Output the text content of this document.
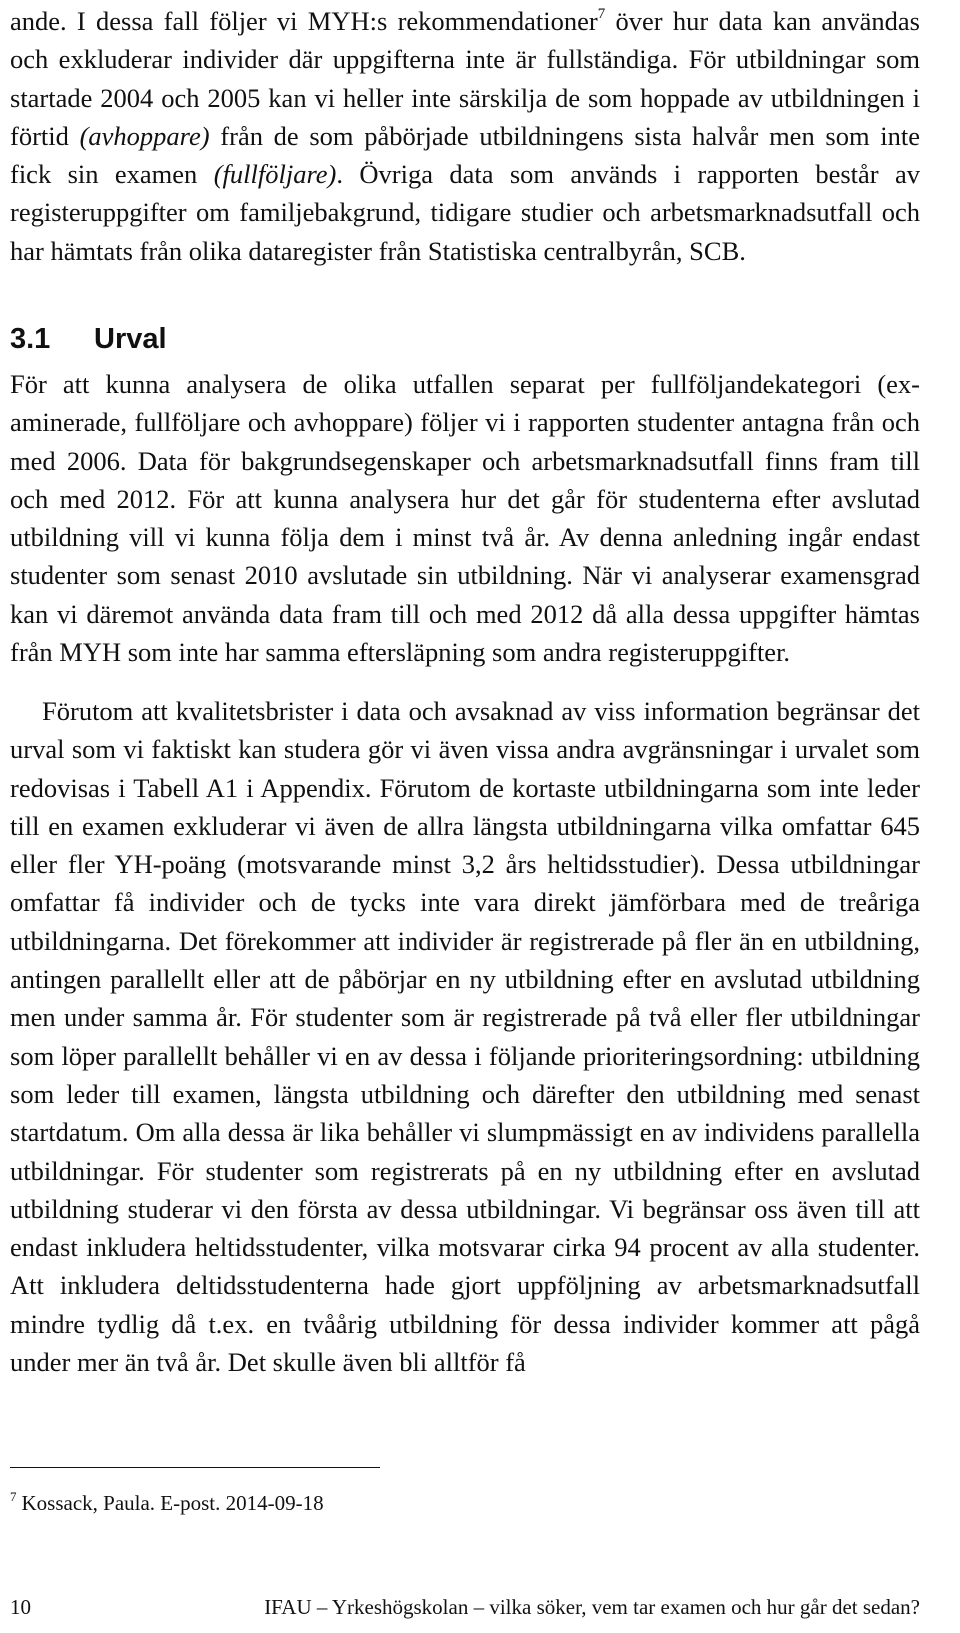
ande. I dessa fall följer vi MYH:s rekommendationer$^7$ över hur data kan användas och exkluderar individer där uppgifterna inte är fullständiga. För utbildningar som startade 2004 och 2005 kan vi heller inte särskilja de som hoppade av utbildningen i förtid (avhoppare) från de som påbörjade utbildningens sista halvår men som inte fick sin examen (fullföljare). Övriga data som används i rapporten består av registeruppgifter om familjebakgrund, tidigare studier och arbetsmarknadsutfall och har hämtats från olika dataregister från Statistiska centralbyrån, SCB.

3.1 Urval

För att kunna analysera de olika utfallen separat per fullföljandekategori (examinerade, fullföljare och avhoppare) följer vi i rapporten studenter antagna från och med 2006. Data för bakgrundsegenskaper och arbetsmarknadsutfall finns fram till och med 2012. För att kunna analysera hur det går för studenterna efter avslutad utbildning vill vi kunna följa dem i minst två år. Av denna anledning ingår endast studenter som senast 2010 avslutade sin utbildning. När vi analyserar examensgrad kan vi däremot använda data fram till och med 2012 då alla dessa uppgifter hämtas från MYH som inte har samma eftersläpning som andra registeruppgifter.

Förutom att kvalitetsbrister i data och avsaknad av viss information begränsar det urval som vi faktiskt kan studera gör vi även vissa andra avgränsningar i urvalet som redovisas i Tabell A1 i Appendix. Förutom de kortaste utbildningarna som inte leder till en examen exkluderar vi även de allra längsta utbildningarna vilka omfattar 645 eller fler YH-poäng (motsvarande minst 3,2 års heltidsstudier). Dessa utbildningar omfattar få individer och de tycks inte vara direkt jämförbara med de treåriga utbildningarna. Det förekommer att individer är registrerade på fler än en utbildning, antingen parallellt eller att de påbörjar en ny utbildning efter en avslutad utbildning men under samma år. För studenter som är registrerade på två eller fler utbildningar som löper parallellt behåller vi en av dessa i följande prioriteringsordning: utbildning som leder till examen, längsta utbildning och därefter den utbildning med senast startdatum. Om alla dessa är lika behåller vi slumpmässigt en av individens parallella utbildningar. För studenter som registrerats på en ny utbildning efter en avslutad utbildning studerar vi den första av dessa utbildningar. Vi begränsar oss även till att endast inkludera heltidsstudenter, vilka motsvarar cirka 94 procent av alla studenter. Att inkludera deltidsstudenterna hade gjort uppföljning av arbetsmarknadsutfall mindre tydlig då t.ex. en tvåårig utbildning för dessa individer kommer att pågå under mer än två år. Det skulle även bli alltför få

$^7$ Kossack, Paula. E-post. 2014-09-18

10	IFAU – Yrkeshögskolan – vilka söker, vem tar examen och hur går det sedan?
